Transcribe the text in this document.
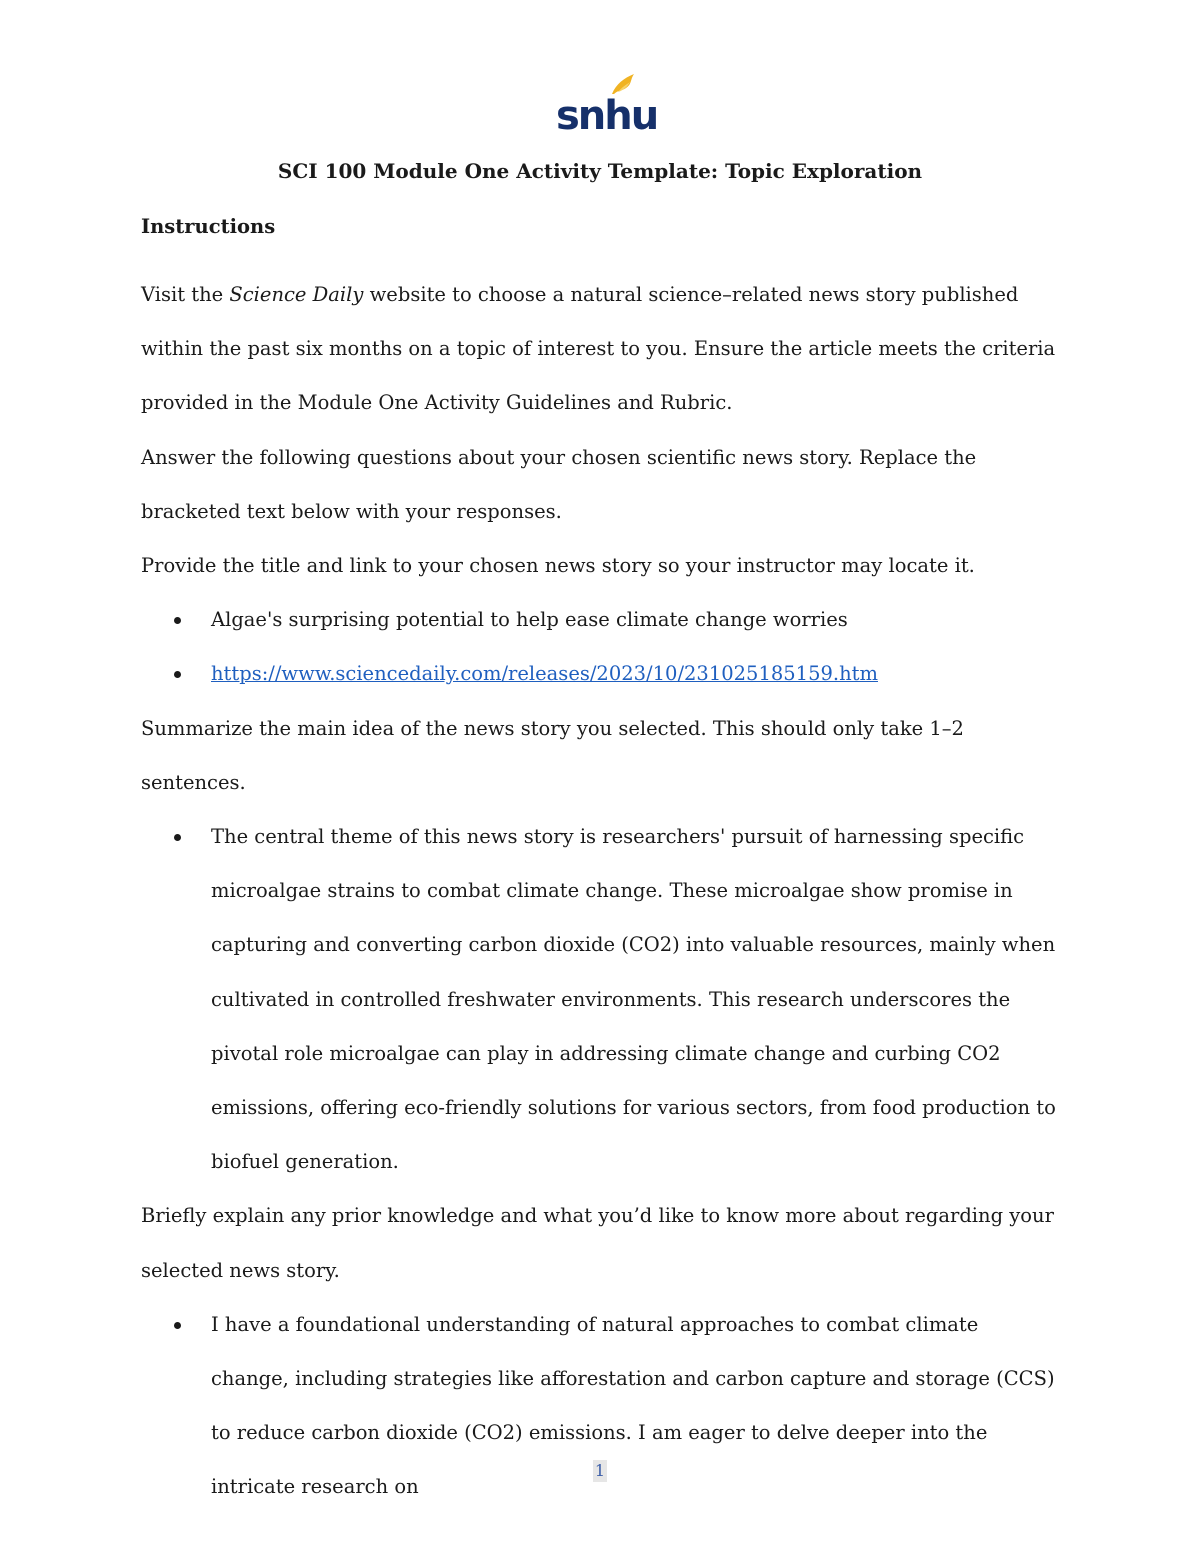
snhu
SCI 100 Module One Activity Template: Topic Exploration
Instructions

Visit the Science Daily website to choose a natural science–related news story published within the past six months on a topic of interest to you. Ensure the article meets the criteria provided in the Module One Activity Guidelines and Rubric.

Answer the following questions about your chosen scientific news story. Replace the bracketed text below with your responses.

Provide the title and link to your chosen news story so your instructor may locate it.

Algae's surprising potential to help ease climate change worries
https://www.sciencedaily.com/releases/2023/10/231025185159.htm

Summarize the main idea of the news story you selected. This should only take 1–2 sentences.

The central theme of this news story is researchers' pursuit of harnessing specific microalgae strains to combat climate change. These microalgae show promise in capturing and converting carbon dioxide (CO2) into valuable resources, mainly when cultivated in controlled freshwater environments. This research underscores the pivotal role microalgae can play in addressing climate change and curbing CO2 emissions, offering eco-friendly solutions for various sectors, from food production to biofuel generation.

Briefly explain any prior knowledge and what you’d like to know more about regarding your selected news story.

I have a foundational understanding of natural approaches to combat climate change, including strategies like afforestation and carbon capture and storage (CCS) to reduce carbon dioxide (CO2) emissions. I am eager to delve deeper into the intricate research on
1
